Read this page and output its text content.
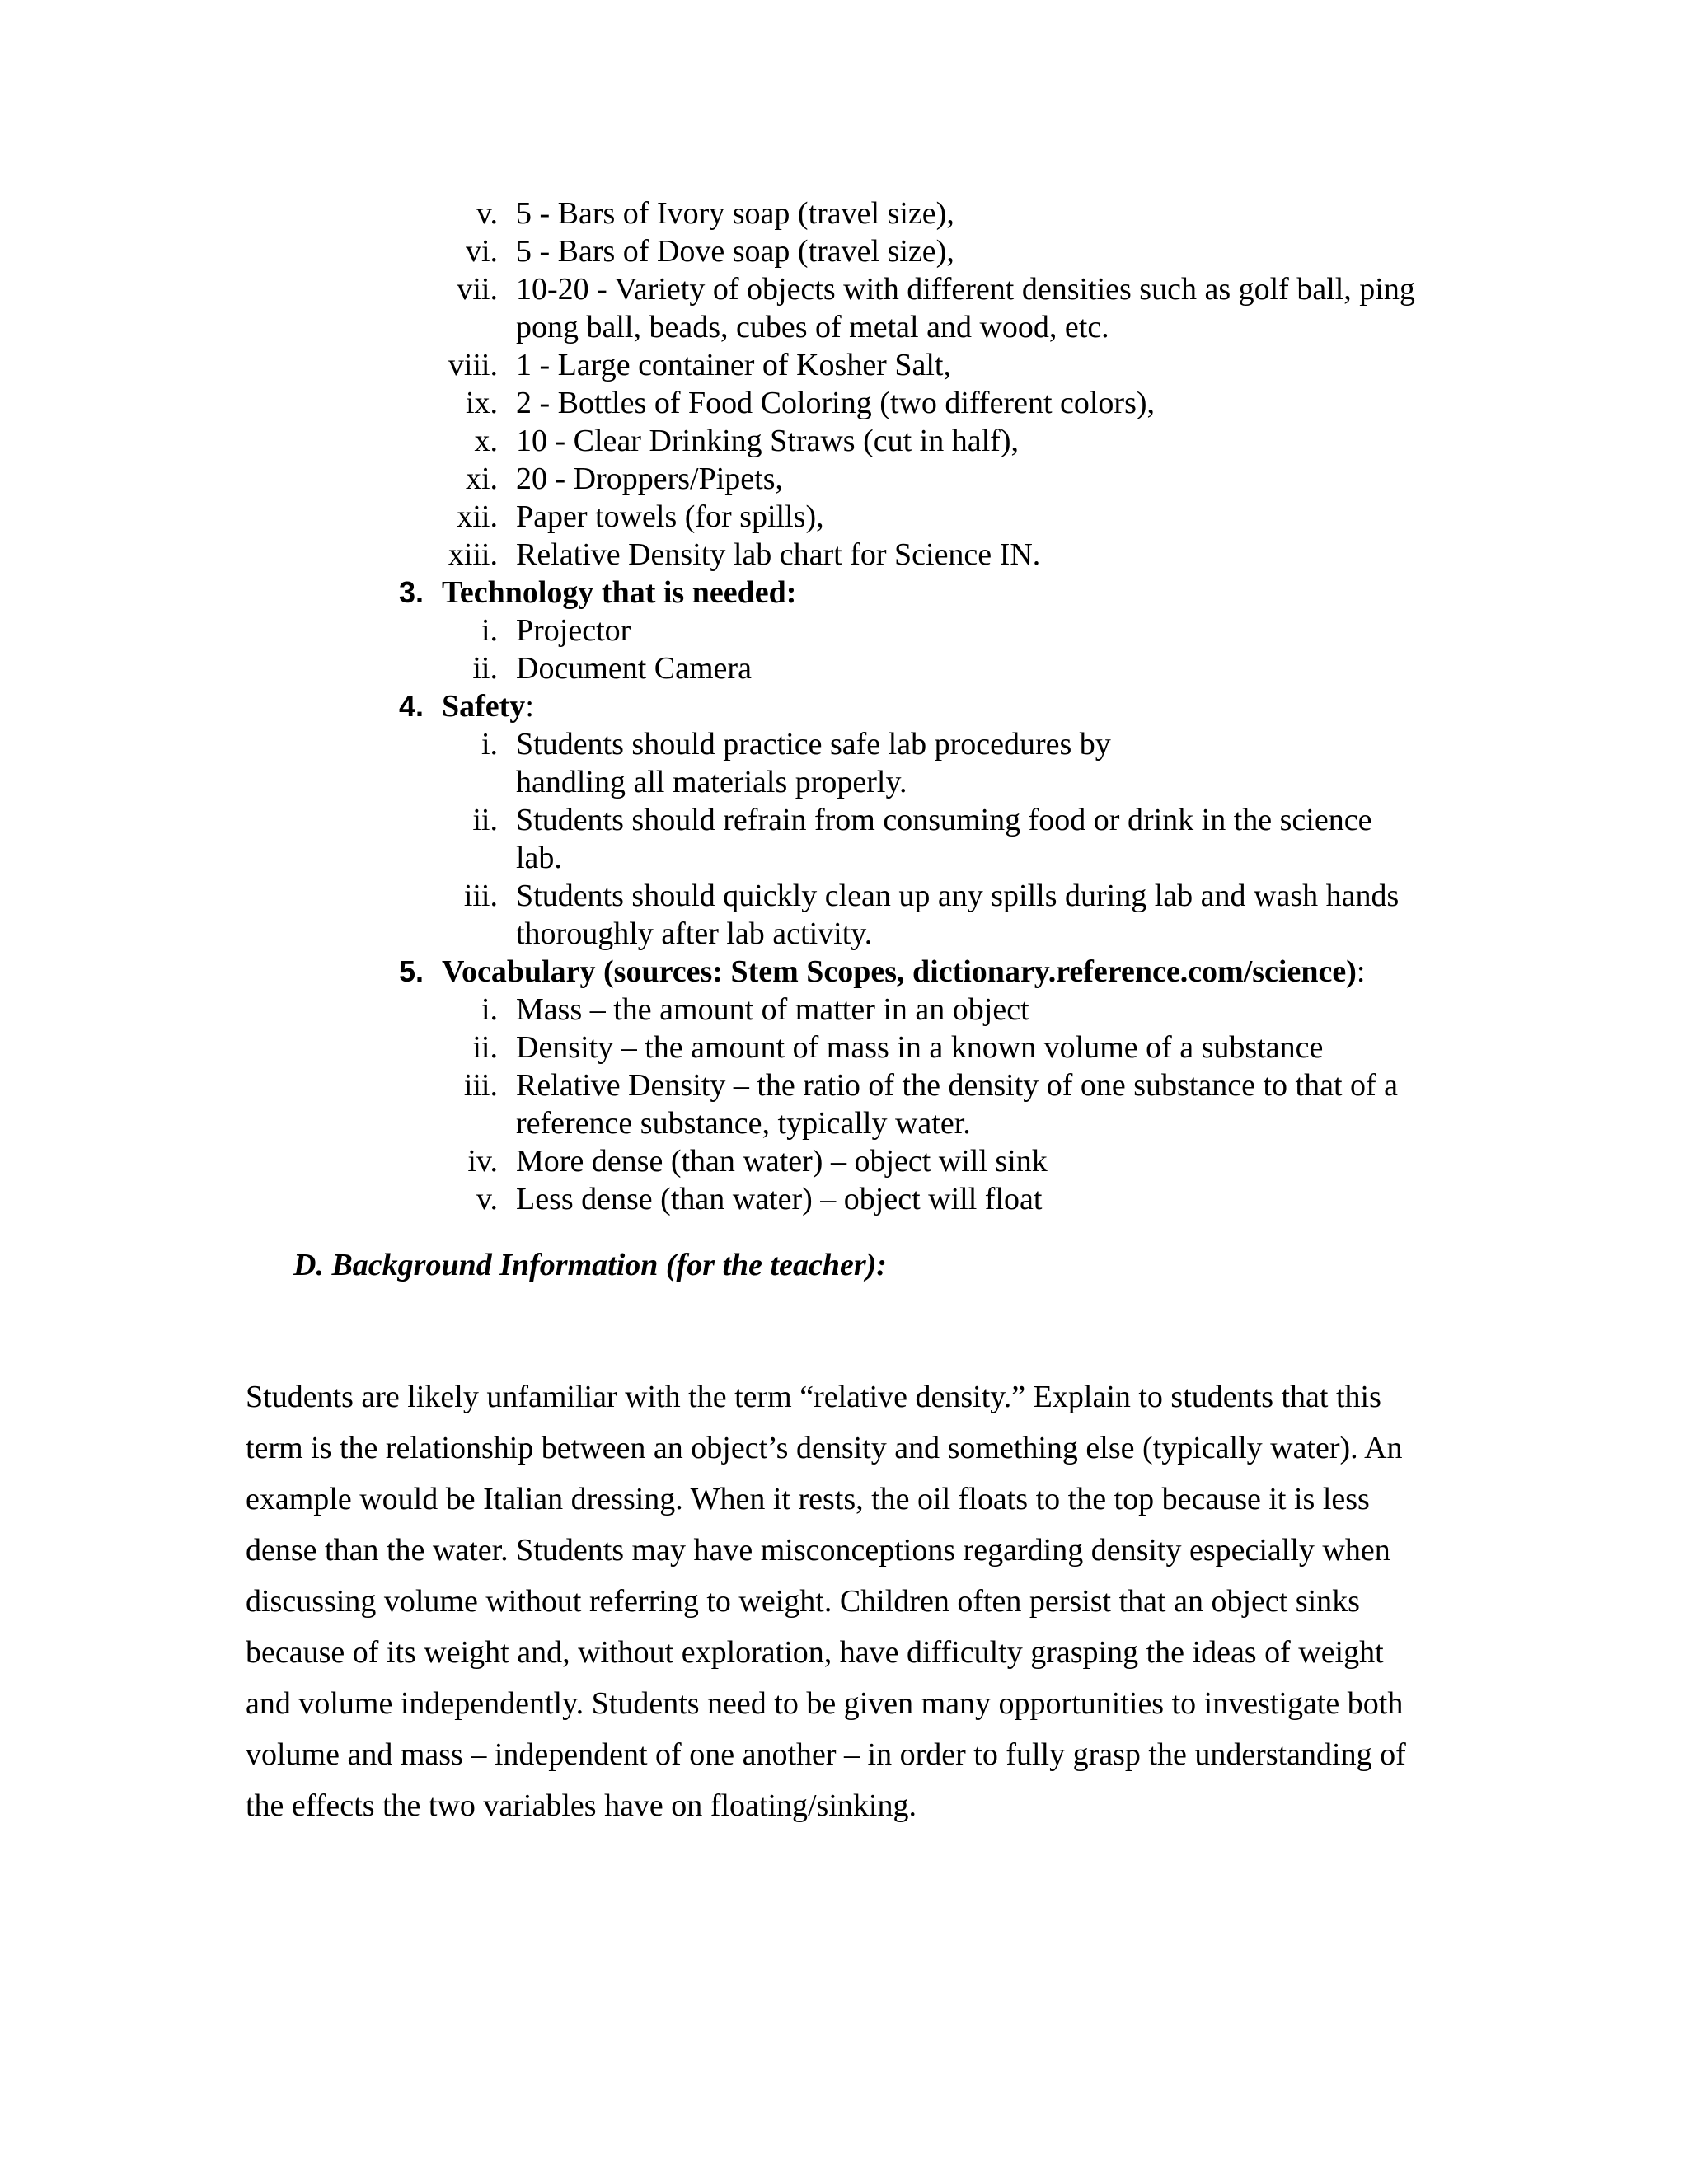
v. 5 - Bars of Ivory soap (travel size),
vi. 5 - Bars of Dove soap (travel size),
vii. 10-20 - Variety of objects with different densities such as golf ball, ping pong ball, beads, cubes of metal and wood, etc.
viii. 1 - Large container of Kosher Salt,
ix. 2 - Bottles of Food Coloring (two different colors),
x. 10 - Clear Drinking Straws (cut in half),
xi. 20 - Droppers/Pipets,
xii. Paper towels (for spills),
xiii. Relative Density lab chart for Science IN.
3. Technology that is needed:
i. Projector
ii. Document Camera
4. Safety:
i. Students should practice safe lab procedures by handling all materials properly.
ii. Students should refrain from consuming food or drink in the science lab.
iii. Students should quickly clean up any spills during lab and wash hands thoroughly after lab activity.
5. Vocabulary (sources: Stem Scopes, dictionary.reference.com/science):
i. Mass – the amount of matter in an object
ii. Density – the amount of mass in a known volume of a substance
iii. Relative Density – the ratio of the density of one substance to that of a reference substance, typically water.
iv. More dense (than water) – object will sink
v. Less dense (than water) – object will float
D. Background Information (for the teacher):

Students are likely unfamiliar with the term “relative density.” Explain to students that this term is the relationship between an object’s density and something else (typically water). An example would be Italian dressing. When it rests, the oil floats to the top because it is less dense than the water. Students may have misconceptions regarding density especially when discussing volume without referring to weight. Children often persist that an object sinks because of its weight and, without exploration, have difficulty grasping the ideas of weight and volume independently. Students need to be given many opportunities to investigate both volume and mass – independent of one another – in order to fully grasp the understanding of the effects the two variables have on floating/sinking.
